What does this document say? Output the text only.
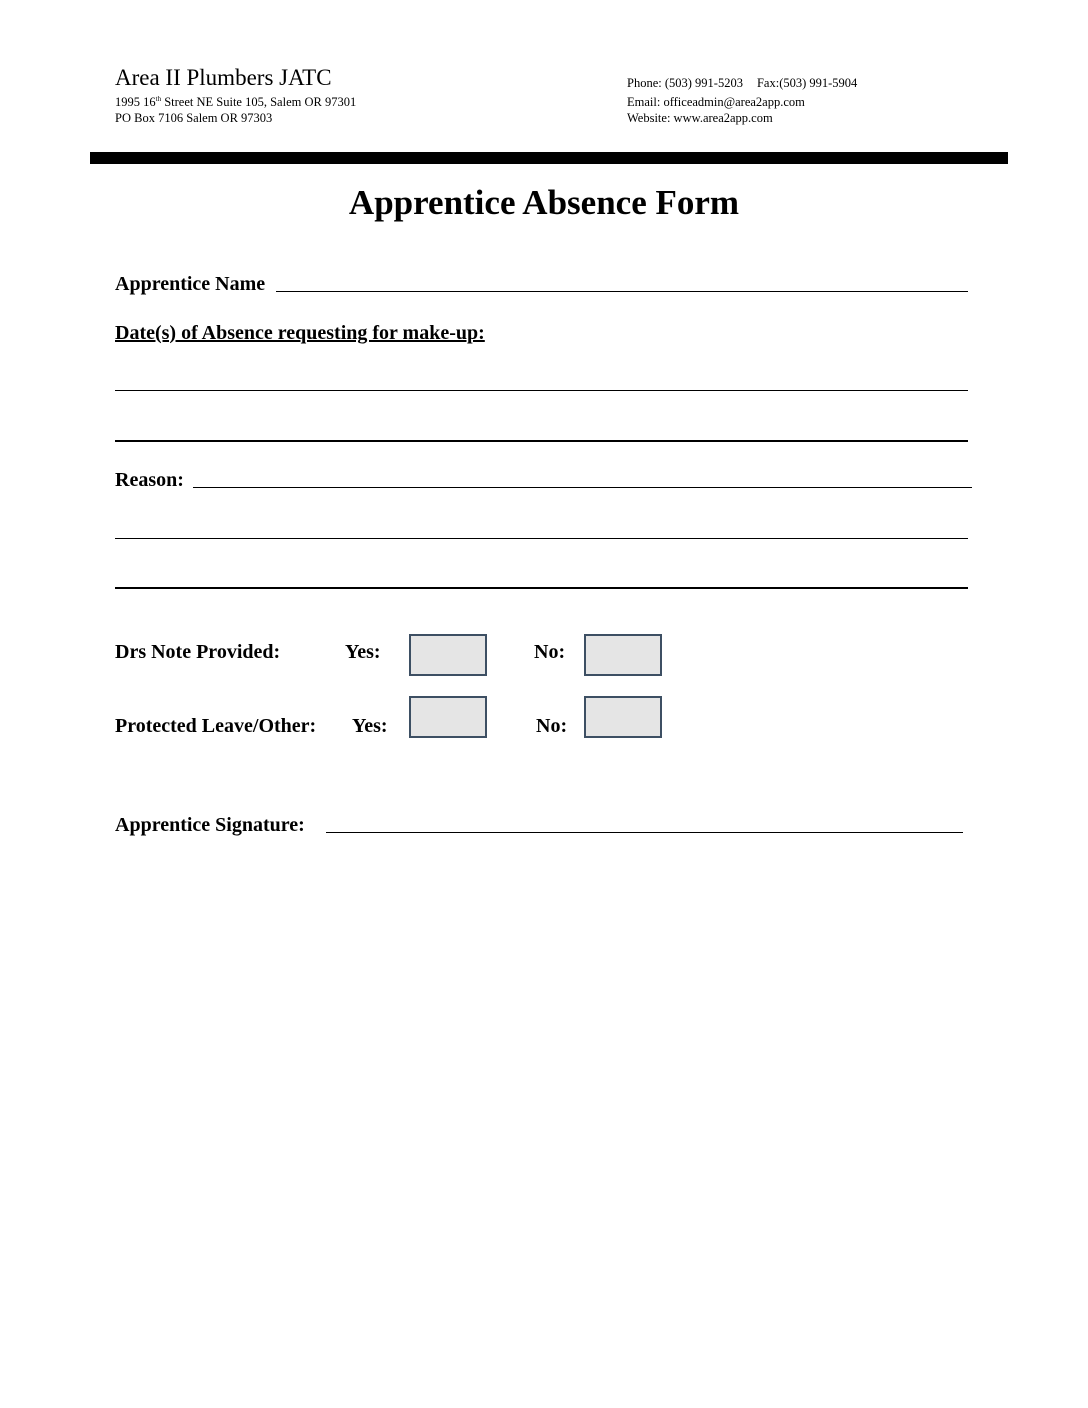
Area II Plumbers JATC
1995 16th Street NE Suite 105, Salem OR 97301
PO Box 7106 Salem OR 97303
Phone: (503) 991-5203 Fax:(503) 991-5904
Email: officeadmin@area2app.com
Website: www.area2app.com
Apprentice Absence Form
Apprentice Name
Date(s) of Absence requesting for make-up:
Reason:
Drs Note Provided:	Yes:	No:
Protected Leave/Other: Yes:	No:
Apprentice Signature:
